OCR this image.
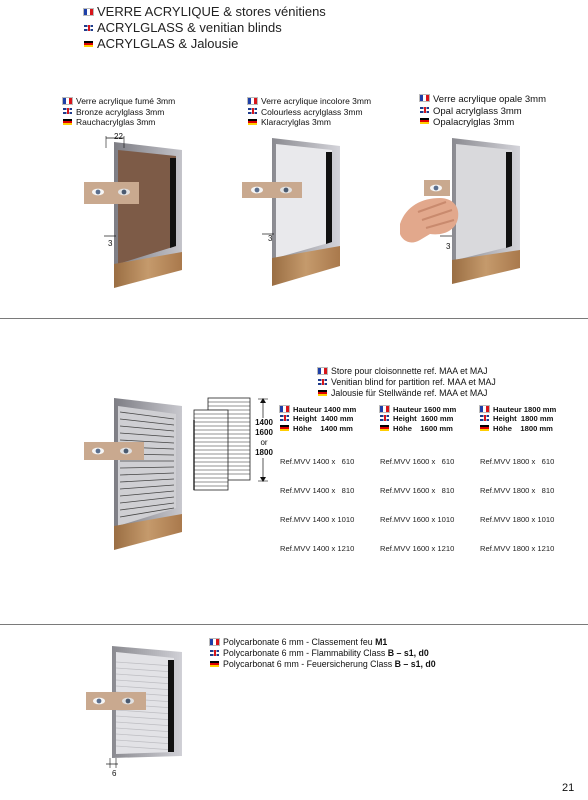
VERRE ACRYLIQUE & stores vénitiens
ACRYLGLASS & venitian blinds
ACRYLGLAS & Jalousie
Verre acrylique fumé 3mm
Bronze acrylglass 3mm
Rauchacrylglas 3mm
Verre acrylique incolore 3mm
Colourless acrylglass 3mm
Klaracrylglas 3mm
Verre acrylique opale 3mm
Opal acrylglass 3mm
Opalacrylglas 3mm
22
3
3
3
1400
1600
or
1800
Store pour cloisonnette ref. MAA et MAJ
Venitian blind for partition ref. MAA et MAJ
Jalousie für Stellwände ref. MAA et MAJ
Hauteur 1400 mm
Height  1400 mm
Höhe    1400 mm

Ref.MVV 1400 x   610

Ref.MVV 1400 x   810

Ref.MVV 1400 x 1010

Ref.MVV 1400 x 1210

Hauteur 1600 mm
Height  1600 mm
Höhe    1600 mm

Ref.MVV 1600 x   610

Ref.MVV 1600 x   810

Ref.MVV 1600 x 1010

Ref.MVV 1600 x 1210

Hauteur 1800 mm
Height  1800 mm
Höhe    1800 mm

Ref.MVV 1800 x   610

Ref.MVV 1800 x   810

Ref.MVV 1800 x 1010

Ref.MVV 1800 x 1210

6
Polycarbonate 6 mm - Classement feu M1
Polycarbonate 6 mm - Flammability Class B – s1, d0
Polycarbonat 6 mm - Feuersicherung Class B – s1, d0
21
